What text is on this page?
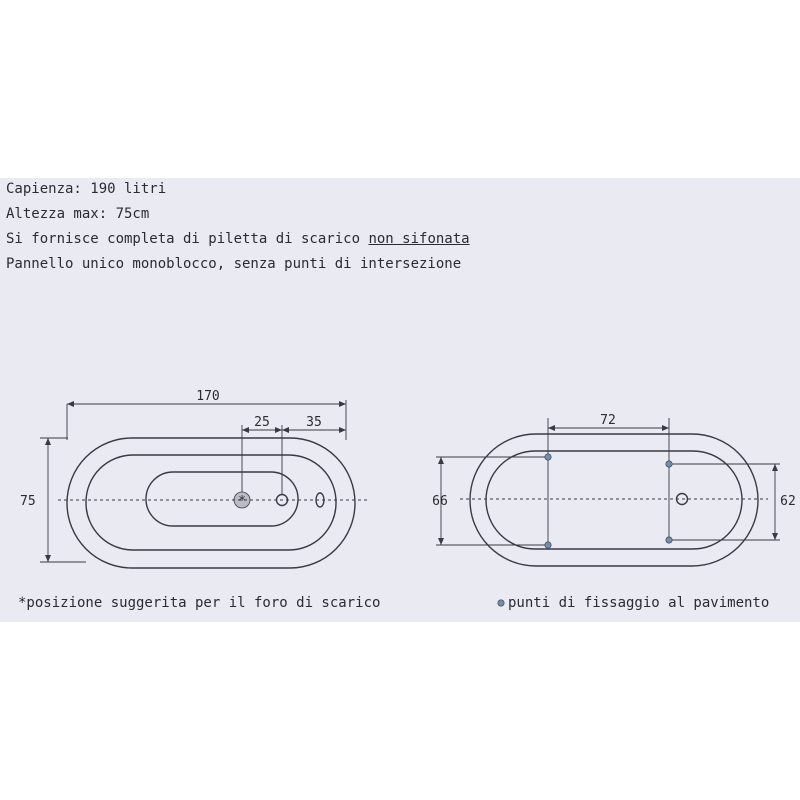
Capienza: 190 litri
Altezza max: 75cm
Si fornisce completa di piletta di scarico non sifonata
Pannello unico monoblocco, senza punti di intersezione
*
170
25	35
75
72
66	62
*posizione suggerita per il foro di scarico	punti di fissaggio al pavimento
